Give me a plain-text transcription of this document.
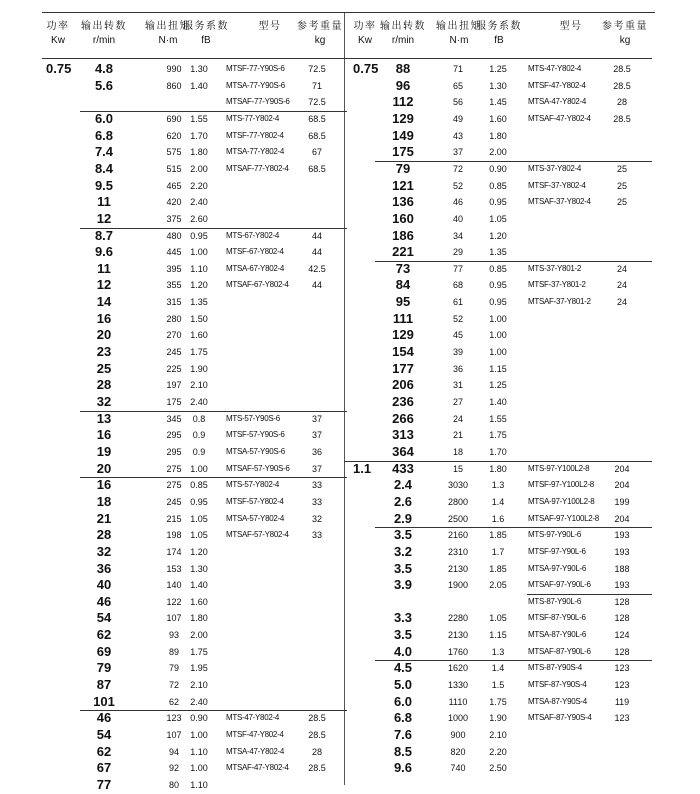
功率
Kw
输出转数
r/min
输出扭矩
N·m
服务系数
fB
型号	参考重量
kg
0.75	4.8	990 1.30	MTSF-77-Y90S-6	72.5
5.6	860 1.40	MTSA-77-Y90S-6	71
MTSAF-77-Y90S-6	72.5
6.0	690 1.55	MTS-77-Y802-4	68.5
6.8	620 1.70	MTSF-77-Y802-4	68.5
7.4	575 1.80	MTSA-77-Y802-4	67
8.4	515 2.00	MTSAF-77-Y802-4	68.5
9.5	465 2.20
11	420 2.40
12	375 2.60
8.7	480 0.95	MTS-67-Y802-4	44
9.6	445 1.00	MTSF-67-Y802-4	44
11	395 1.10	MTSA-67-Y802-4	42.5
12	355 1.20	MTSAF-67-Y802-4	44
14	315 1.35
16	280 1.50
20	270 1.60
23	245 1.75
25	225 1.90
28	197 2.10
32	175 2.40
13	345	0.8	MTS-57-Y90S-6	37
16	295	0.9	MTSF-57-Y90S-6	37
19	295	0.9	MTSA-57-Y90S-6	36
20	275 1.00	MTSAF-57-Y90S-6	37
16	275 0.85	MTS-57-Y802-4	33
18	245 0.95	MTSF-57-Y802-4	33
21	215 1.05	MTSA-57-Y802-4	32
28	198 1.05	MTSAF-57-Y802-4	33
32	174 1.20
36	153 1.30
40	140 1.40
46	122 1.60
54	107 1.80
62	93	2.00
69	89	1.75
79	79	1.95
87	72	2.10
101	62	2.40
46	123 0.90	MTS-47-Y802-4	28.5
54	107 1.00	MTSF-47-Y802-4	28.5
62	94	1.10	MTSA-47-Y802-4	28
67	92	1.00	MTSAF-47-Y802-4	28.5
77	80	1.10
功率
Kw
输出转数
r/min
输出扭矩
N·m
服务系数
fB
型号	参考重量
kg
0.75	88	71	1.25	MTS-47-Y802-4	28.5
96	65	1.30	MTSF-47-Y802-4	28.5
112	56	1.45	MTSA-47-Y802-4	28
129	49	1.60	MTSAF-47-Y802-4	28.5
149	43	1.80
175	37	2.00
79	72	0.90	MTS-37-Y802-4	25
121	52	0.85	MTSF-37-Y802-4	25
136	46	0.95	MTSAF-37-Y802-4	25
160	40	1.05
186	34	1.20
221	29	1.35
73	77	0.85	MTS-37-Y801-2	24
84	68	0.95	MTSF-37-Y801-2	24
95	61	0.95	MTSAF-37-Y801-2	24
111	52	1.00
129	45	1.00
154	39	1.00
177	36	1.15
206	31	1.25
236	27	1.40
266	24	1.55
313	21	1.75
364	18	1.70
1.1	433	15	1.80	MTS-97-Y100L2-8	204
2.4	3030	1.3	MTSF-97-Y100L2-8	204
2.6	2800	1.4	MTSA-97-Y100L2-8	199
2.9	2500	1.6	MTSAF-97-Y100L2-8	204
3.5	2160	1.85	MTS-97-Y90L-6	193
3.2	2310	1.7	MTSF-97-Y90L-6	193
3.5	2130	1.85	MTSA-97-Y90L-6	188
3.9	1900	2.05	MTSAF-97-Y90L-6	193
MTS-87-Y90L-6	128
3.3	2280	1.05	MTSF-87-Y90L-6	128
3.5	2130	1.15	MTSA-87-Y90L-6	124
4.0	1760	1.3	MTSAF-87-Y90L-6	128
4.5	1620	1.4	MTS-87-Y90S-4	123
5.0	1330	1.5	MTSF-87-Y90S-4	123
6.0	1110	1.75	MTSA-87-Y90S-4	119
6.8	1000	1.90	MTSAF-87-Y90S-4	123
7.6	900	2.10
8.5	820	2.20
9.6	740	2.50
